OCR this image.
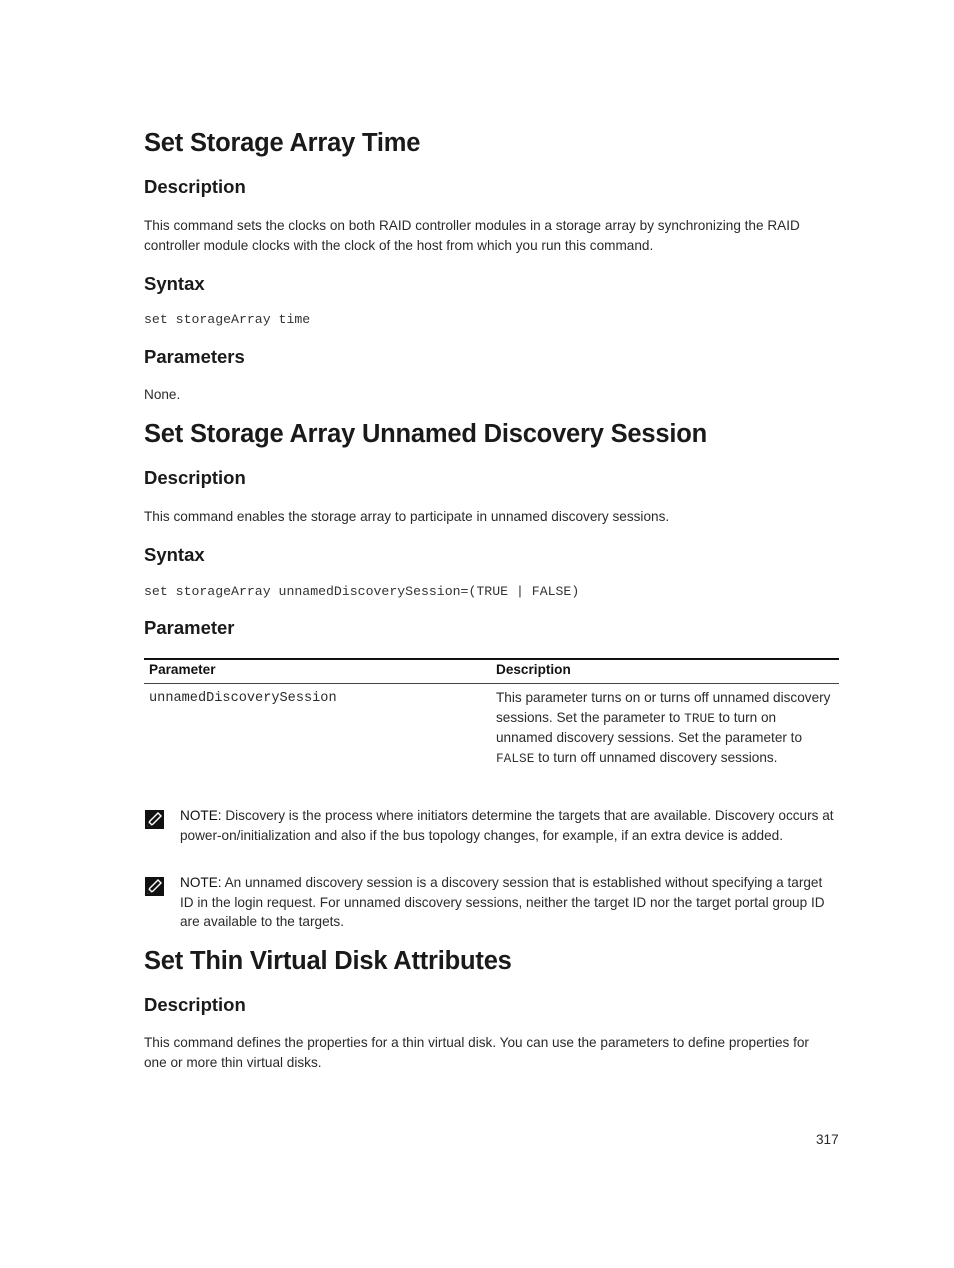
Set Storage Array Time
Description
This command sets the clocks on both RAID controller modules in a storage array by synchronizing the RAID controller module clocks with the clock of the host from which you run this command.
Syntax
set storageArray time
Parameters
None.
Set Storage Array Unnamed Discovery Session
Description
This command enables the storage array to participate in unnamed discovery sessions.
Syntax
set storageArray unnamedDiscoverySession=(TRUE | FALSE)
Parameter
Parameter	Description
unnamedDiscoverySession	This parameter turns on or turns off unnamed discovery sessions. Set the parameter to TRUE to turn on unnamed discovery sessions. Set the parameter to FALSE to turn off unnamed discovery sessions.
NOTE: Discovery is the process where initiators determine the targets that are available. Discovery occurs at power-on/initialization and also if the bus topology changes, for example, if an extra device is added.
NOTE: An unnamed discovery session is a discovery session that is established without specifying a target ID in the login request. For unnamed discovery sessions, neither the target ID nor the target portal group ID are available to the targets.
Set Thin Virtual Disk Attributes
Description
This command defines the properties for a thin virtual disk. You can use the parameters to define properties for one or more thin virtual disks.
317
